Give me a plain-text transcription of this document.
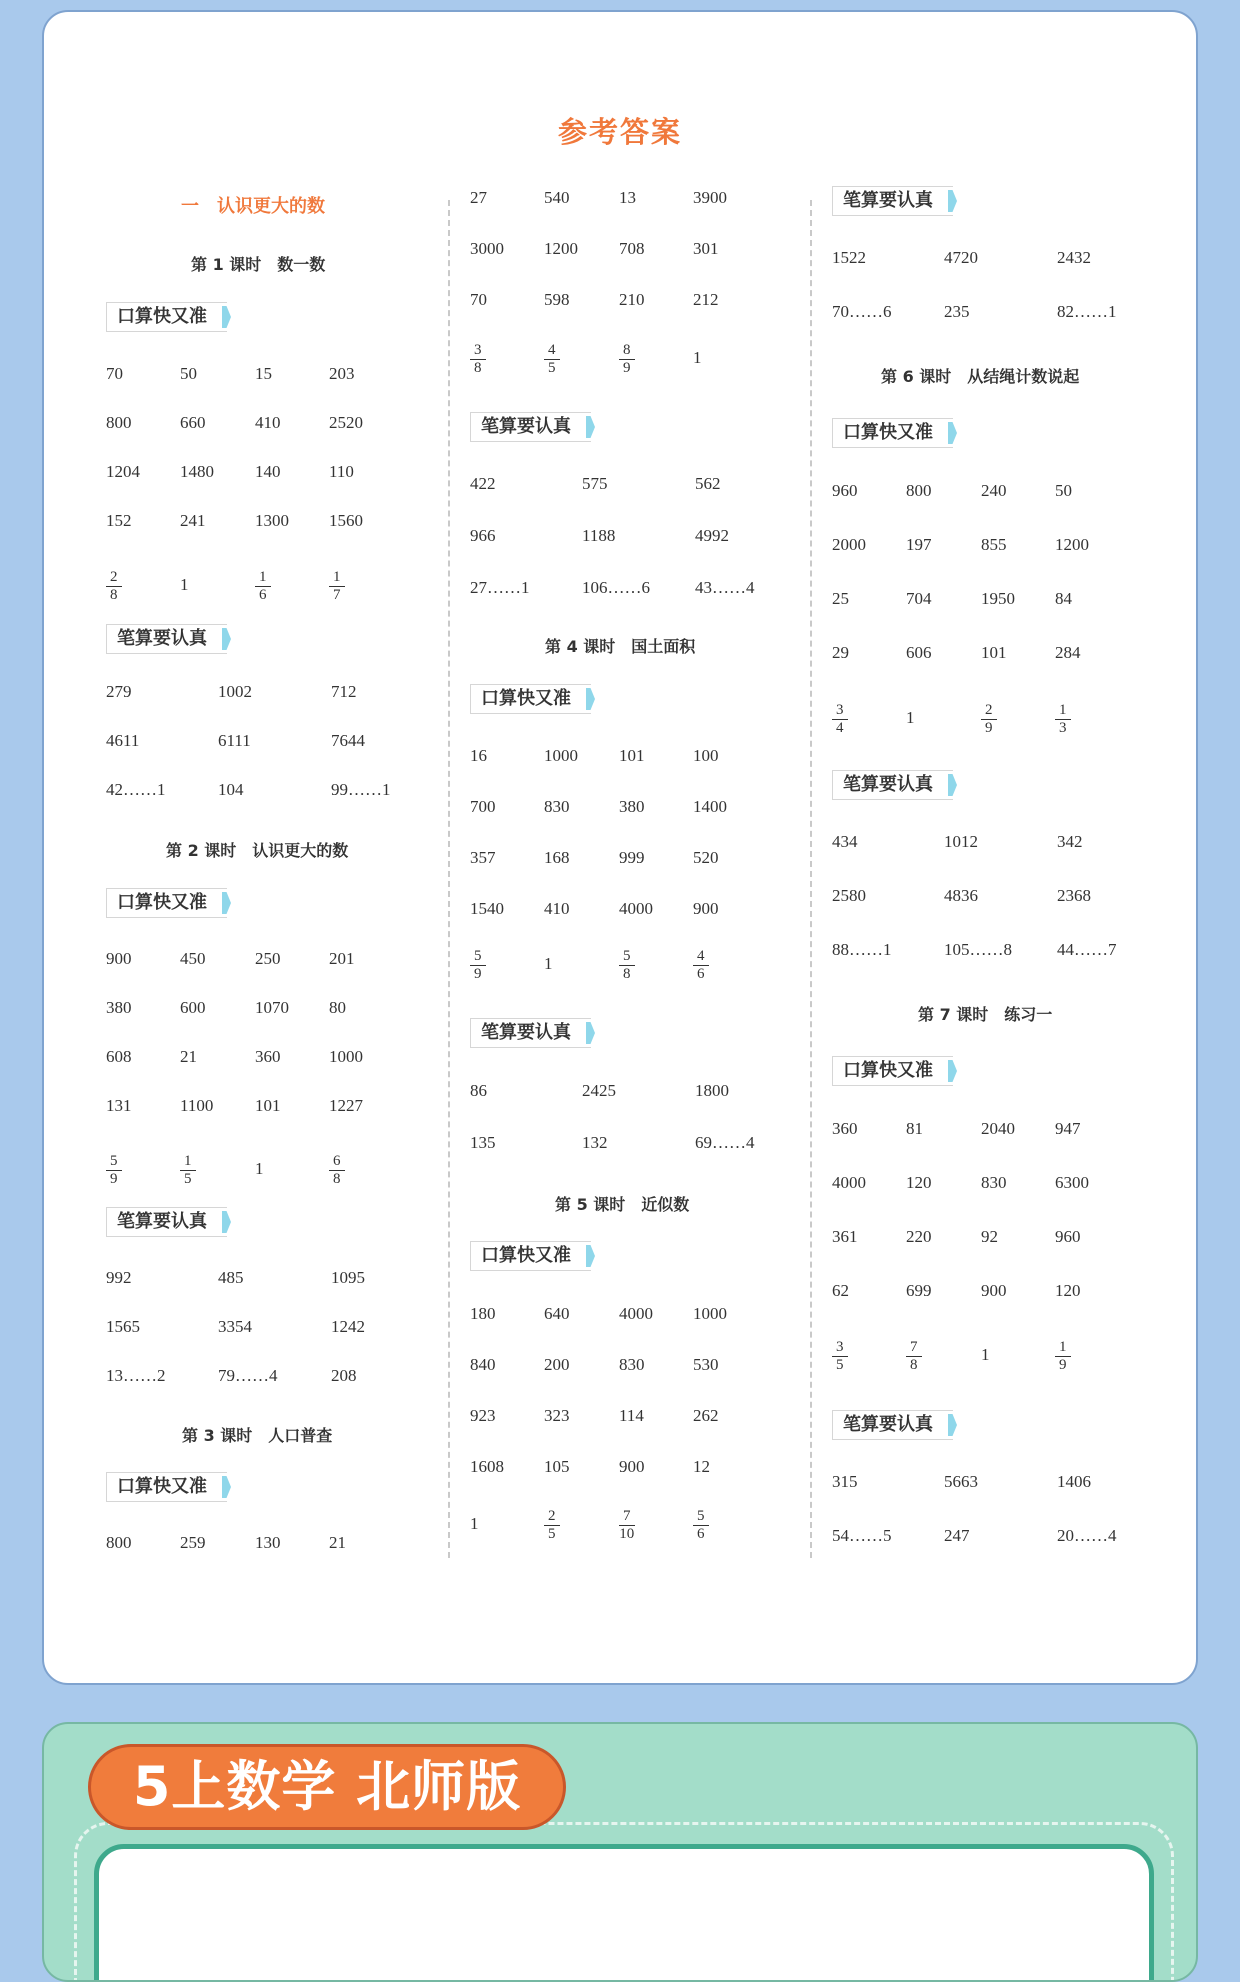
参考答案
一　认识更大的数
第 1 课时　数一数
口算快又准
70	50	15	203
800	660	410	2520
1204 1480 140	110
152	241	1300 1560
$\frac{2}{8}$	1	$\frac{1}{6}$	$\frac{1}{7}$
笔算要认真
279	1002	712
4611	6111	7644
42……1	104	99……1
第 2 课时　认识更大的数
口算快又准
900	450	250	201
380	600	1070 80
608	21	360	1000
131	1100 101	1227
$\frac{5}{9}$	$\frac{1}{5}$	1	$\frac{6}{8}$
笔算要认真
992	485	1095
1565	3354	1242
13……2	79……4	208
第 3 课时　人口普查
口算快又准
800	259	130	21
27	540	13	3900
3000 1200 708	301
70	598	210	212
$\frac{3}{8}$	$\frac{4}{5}$	$\frac{8}{9}$	1
笔算要认真
422	575	562
966	1188	4992
27……1	106……6	43……4
第 4 课时　国土面积
口算快又准
16	1000 101	100
700	830	380	1400
357	168	999	520
1540 410	4000 900
$\frac{5}{9}$	1	$\frac{5}{8}$	$\frac{4}{6}$
笔算要认真
86	2425	1800
135	132	69……4
第 5 课时　近似数
口算快又准
180	640	4000 1000
840	200	830	530
923	323	114	262
1608 105	900	12
1	$\frac{2}{5}$	$\frac{7}{10}$	$\frac{5}{6}$
笔算要认真
1522	4720	2432
70……6	235	82……1
第 6 课时　从结绳计数说起
口算快又准
960	800	240	50
2000 197	855	1200
25	704	1950 84
29	606	101	284
$\frac{3}{4}$	1	$\frac{2}{9}$	$\frac{1}{3}$
笔算要认真
434	1012	342
2580	4836	2368
88……1	105……8	44……7
第 7 课时　练习一
口算快又准
360	81	2040 947
4000 120	830	6300
361	220	92	960
62	699	900	120
$\frac{3}{5}$	$\frac{7}{8}$	1	$\frac{1}{9}$
笔算要认真
315	5663	1406
54……5	247	20……4
5上数学 北师版
